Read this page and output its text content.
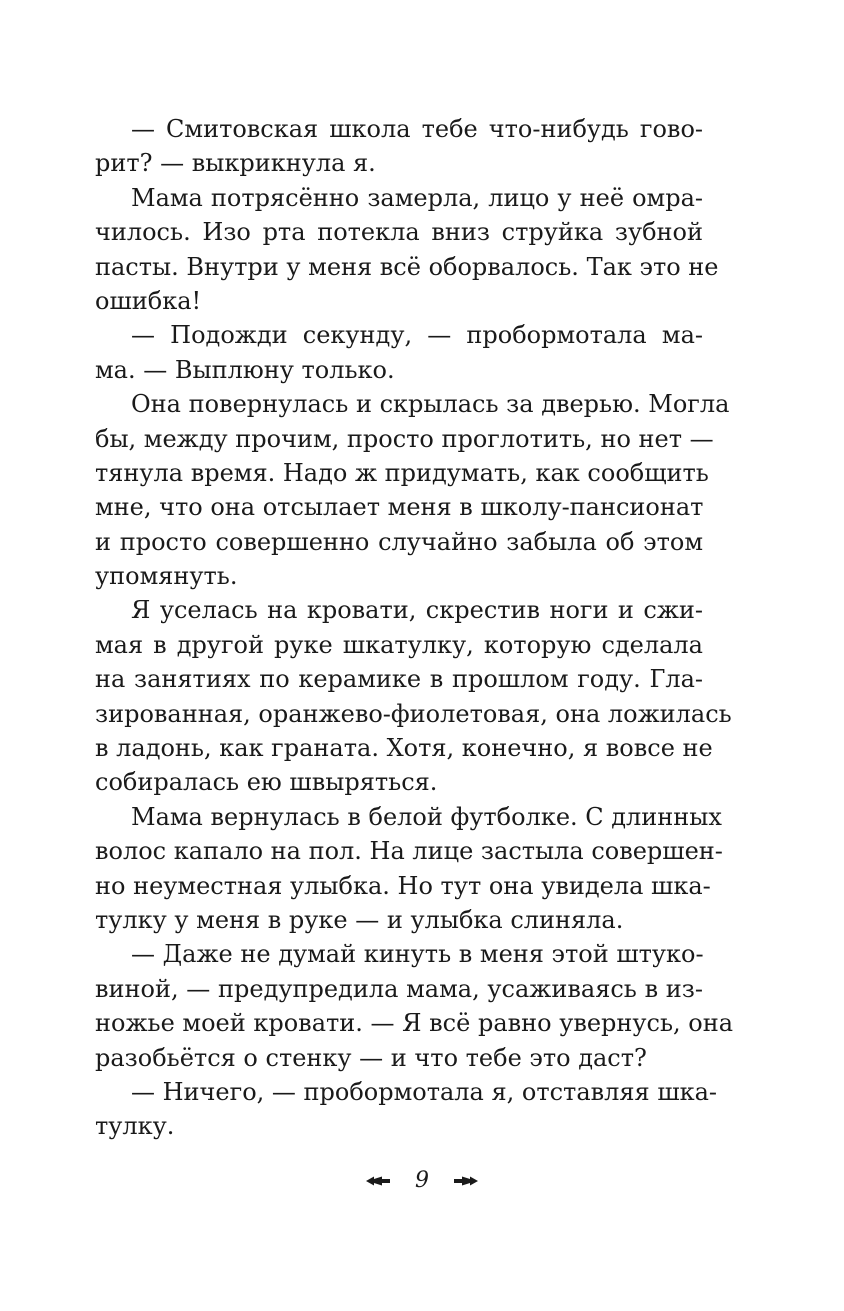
— Смитовская школа тебе что-нибудь гово-
рит? — выкрикнула я.
Мама потрясённо замерла, лицо у неё омра-
чилось. Изо рта потекла вниз струйка зубной
пасты. Внутри у меня всё оборвалось. Так это не
ошибка!
— Подожди секунду, — пробормотала ма-
ма. — Выплюну только.
Она повернулась и скрылась за дверью. Могла
бы, между прочим, просто проглотить, но нет —
тянула время. Надо ж придумать, как сообщить
мне, что она отсылает меня в школу-пансионат
и просто совершенно случайно забыла об этом
упомянуть.
Я уселась на кровати, скрестив ноги и сжи-
мая в другой руке шкатулку, которую сделала
на занятиях по керамике в прошлом году. Гла-
зированная, оранжево-фиолетовая, она ложилась
в ладонь, как граната. Хотя, конечно, я вовсе не
собиралась ею швыряться.
Мама вернулась в белой футболке. С длинных
волос капало на пол. На лице застыла совершен-
но неуместная улыбка. Но тут она увидела шка-
тулку у меня в руке — и улыбка слиняла.
— Даже не думай кинуть в меня этой штуко-
виной, — предупредила мама, усаживаясь в из-
ножье моей кровати. — Я всё равно увернусь, она
разобьётся о стенку — и что тебе это даст?
— Ничего, — пробормотала я, отставляя шка-
тулку.
9
